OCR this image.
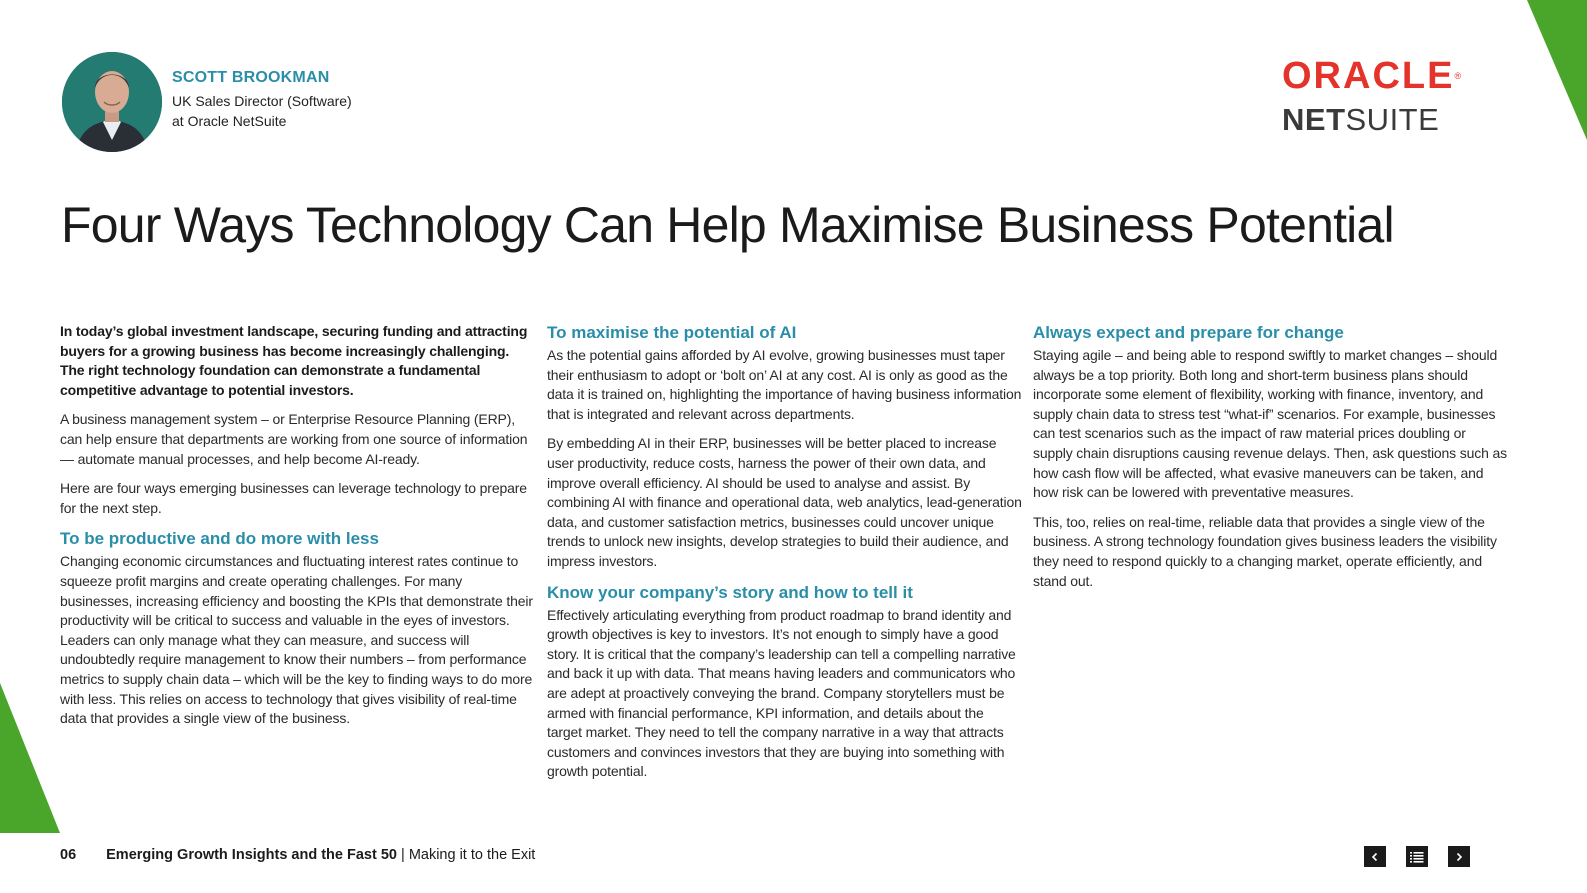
SCOTT BROOKMAN
UK Sales Director (Software)
at Oracle NetSuite
ORACLE®
NETSUITE
Four Ways Technology Can Help Maximise Business Potential

In today’s global investment landscape, securing funding and attracting buyers for a growing business has become increasingly challenging. The right technology foundation can demonstrate a fundamental competitive advantage to potential investors.

A business management system – or Enterprise Resource Planning (ERP), can help ensure that departments are working from one source of information— automate manual processes, and help become AI-ready.

Here are four ways emerging businesses can leverage technology to prepare for the next step.

To be productive and do more with less

Changing economic circumstances and fluctuating interest rates continue to squeeze profit margins and create operating challenges. For many businesses, increasing efficiency and boosting the KPIs that demonstrate their productivity will be critical to success and valuable in the eyes of investors. Leaders can only manage what they can measure, and success will undoubtedly require management to know their numbers – from performance metrics to supply chain data – which will be the key to finding ways to do more with less. This relies on access to technology that gives visibility of real-time data that provides a single view of the business.

To maximise the potential of AI

As the potential gains afforded by AI evolve, growing businesses must taper their enthusiasm to adopt or ‘bolt on’ AI at any cost. AI is only as good as the data it is trained on, highlighting the importance of having business information that is integrated and relevant across departments.

By embedding AI in their ERP, businesses will be better placed to increase user productivity, reduce costs, harness the power of their own data, and improve overall efficiency. AI should be used to analyse and assist. By combining AI with finance and operational data, web analytics, lead-generation data, and customer satisfaction metrics, businesses could uncover unique trends to unlock new insights, develop strategies to build their audience, and impress investors.

Know your company’s story and how to tell it

Effectively articulating everything from product roadmap to brand identity and growth objectives is key to investors. It’s not enough to simply have a good story. It is critical that the company’s leadership can tell a compelling narrative and back it up with data. That means having leaders and communicators who are adept at proactively conveying the brand. Company storytellers must be armed with financial performance, KPI information, and details about the target market. They need to tell the company narrative in a way that attracts customers and convinces investors that they are buying into something with growth potential.

Always expect and prepare for change

Staying agile – and being able to respond swiftly to market changes – should always be a top priority. Both long and short-term business plans should incorporate some element of flexibility, working with finance, inventory, and supply chain data to stress test “what-if” scenarios. For example, businesses can test scenarios such as the impact of raw material prices doubling or supply chain disruptions causing revenue delays. Then, ask questions such as how cash flow will be affected, what evasive maneuvers can be taken, and how risk can be lowered with preventative measures.

This, too, relies on real-time, reliable data that provides a single view of the business. A strong technology foundation gives business leaders the visibility they need to respond quickly to a changing market, operate efficiently, and stand out.

06 Emerging Growth Insights and the Fast 50 | Making it to the Exit
